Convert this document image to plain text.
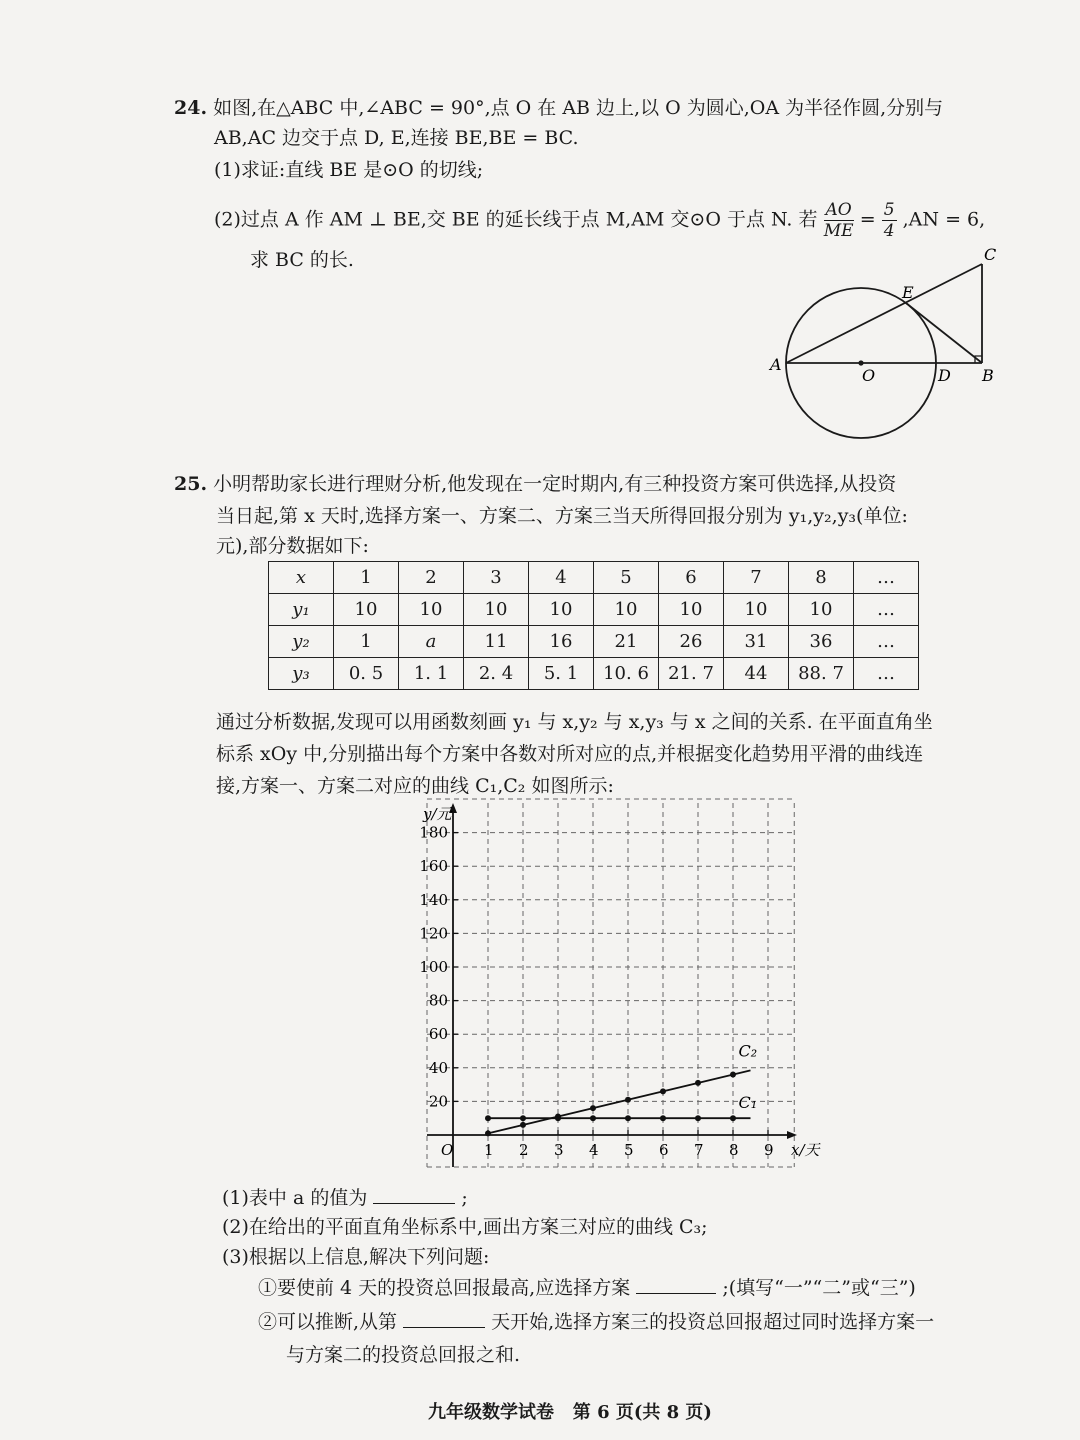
24. 如图,在△ABC 中,∠ABC = 90°,点 O 在 AB 边上,以 O 为圆心,OA 为半径作圆,分别与
AB,AC 边交于点 D, E,连接 BE,BE = BC.
(1)求证:直线 BE 是⊙O 的切线;
(2)过点 A 作 AM ⊥ BE,交 BE 的延长线于点 M,AM 交⊙O 于点 N. 若 $\frac{AO}{ME} = \frac{5}{4} ,AN = 6$,
求 BC 的长.
A
O	D B
E
C
25. 小明帮助家长进行理财分析,他发现在一定时期内,有三种投资方案可供选择,从投资
当日起,第 x 天时,选择方案一、方案二、方案三当天所得回报分别为 y₁,y₂,y₃(单位:
元),部分数据如下:
x	1	2	3	4	5	6	7	8	…
y₁	10	10	10	10	10	10	10	10	…
y₂	1	a	11	16	21	26	31	36	…
y₃	0. 5	1. 1	2. 4	5. 1	10. 6	21. 7	44	88. 7	…
通过分析数据,发现可以用函数刻画 y₁ 与 x,y₂ 与 x,y₃ 与 x 之间的关系. 在平面直角坐
标系 xOy 中,分别描出每个方案中各数对所对应的点,并根据变化趋势用平滑的曲线连
接,方案一、方案二对应的曲线 C₁,C₂ 如图所示:
1 2 3 4 5 6 7 8 9
20
40
60
80
100
120
140
160
180
O	x/天
y/元
C₂
C₁
(1)表中 a 的值为	;
(2)在给出的平面直角坐标系中,画出方案三对应的曲线 C₃;
(3)根据以上信息,解决下列问题:
①要使前 4 天的投资总回报最高,应选择方案	;(填写“一”“二”或“三”)
②可以推断,从第	天开始,选择方案三的投资总回报超过同时选择方案一
与方案二的投资总回报之和.
九年级数学试卷   第 6 页(共 8 页)
